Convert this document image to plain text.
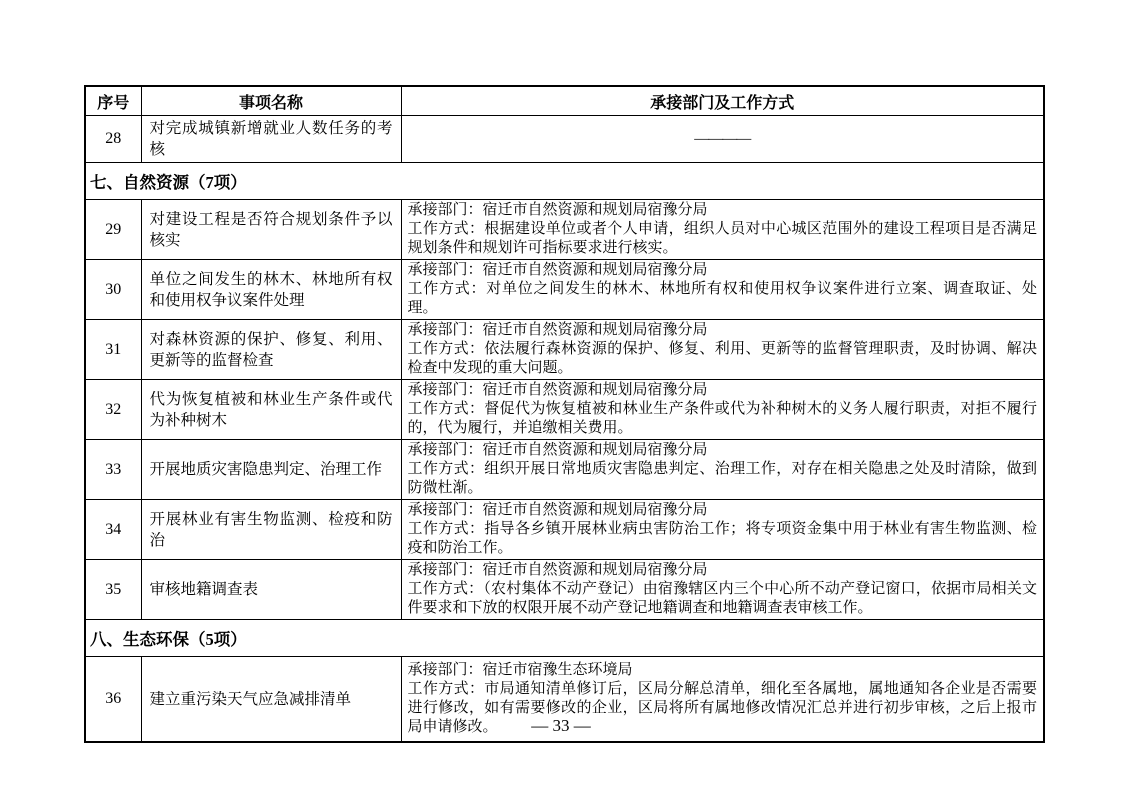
序号	事项名称	承接部门及工作方式
28	对完成城镇新增就业人数任务的考核	————
七、自然资源（7项）		
29	对建设工程是否符合规划条件予以核实	承接部门：宿迁市自然资源和规划局宿豫分局
工作方式：根据建设单位或者个人申请，组织人员对中心城区范围外的建设工程项目是否满足规划条件和规划许可指标要求进行核实。

30	单位之间发生的林木、林地所有权和使用权争议案件处理	承接部门：宿迁市自然资源和规划局宿豫分局
工作方式：对单位之间发生的林木、林地所有权和使用权争议案件进行立案、调查取证、处理。

31	对森林资源的保护、修复、利用、更新等的监督检查	承接部门：宿迁市自然资源和规划局宿豫分局
工作方式：依法履行森林资源的保护、修复、利用、更新等的监督管理职责，及时协调、解决检查中发现的重大问题。

32	代为恢复植被和林业生产条件或代为补种树木	承接部门：宿迁市自然资源和规划局宿豫分局
工作方式：督促代为恢复植被和林业生产条件或代为补种树木的义务人履行职责，对拒不履行的，代为履行，并追缴相关费用。

33	开展地质灾害隐患判定、治理工作	承接部门：宿迁市自然资源和规划局宿豫分局
工作方式：组织开展日常地质灾害隐患判定、治理工作，对存在相关隐患之处及时清除，做到防微杜渐。

34	开展林业有害生物监测、检疫和防治	承接部门：宿迁市自然资源和规划局宿豫分局
工作方式：指导各乡镇开展林业病虫害防治工作；将专项资金集中用于林业有害生物监测、检疫和防治工作。

35	审核地籍调查表	承接部门：宿迁市自然资源和规划局宿豫分局
工作方式：（农村集体不动产登记）由宿豫辖区内三个中心所不动产登记窗口，依据市局相关文件要求和下放的权限开展不动产登记地籍调查和地籍调查表审核工作。

八、生态环保（5项）		
36	建立重污染天气应急减排清单	承接部门：宿迁市宿豫生态环境局
工作方式：市局通知清单修订后，区局分解总清单，细化至各属地，属地通知各企业是否需要进行修改，如有需要修改的企业，区局将所有属地修改情况汇总并进行初步审核，之后上报市局申请修改。	— 33 —
